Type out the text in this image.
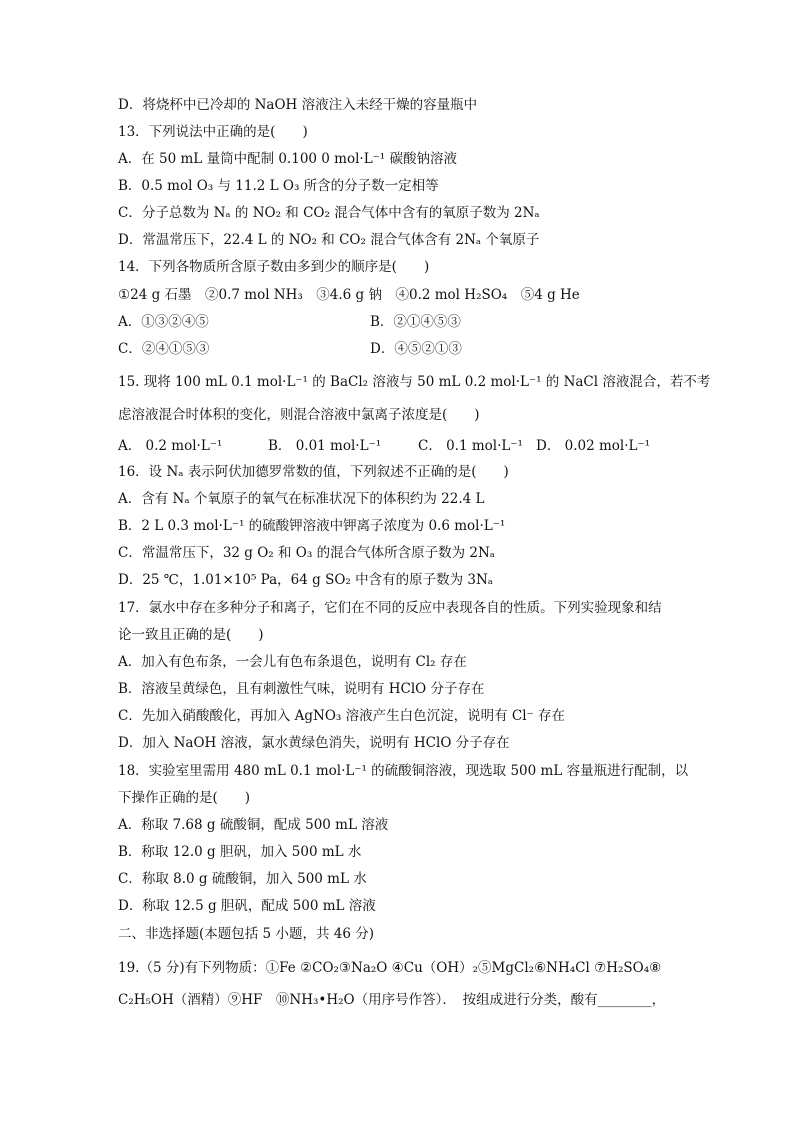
D．将烧杯中已冷却的 NaOH 溶液注入未经干燥的容量瓶中
13．下列说法中正确的是(　　)
A．在 50 mL 量筒中配制 0.100 0 mol·L⁻¹ 碳酸钠溶液
B．0.5 mol O₃ 与 11.2 L O₃ 所含的分子数一定相等
C．分子总数为 Nₐ 的 NO₂ 和 CO₂ 混合气体中含有的氧原子数为 2Nₐ
D．常温常压下，22.4 L 的 NO₂ 和 CO₂ 混合气体含有 2Nₐ 个氧原子
14．下列各物质所含原子数由多到少的顺序是(　　)
①24 g 石墨　②0.7 mol NH₃　③4.6 g 钠　④0.2 mol H₂SO₄　⑤4 g He
A．①③②④⑤	B．②①④⑤③
C．②④①⑤③	D．④⑤②①③
15. 现将 100 mL 0.1 mol·L⁻¹ 的 BaCl₂ 溶液与 50 mL 0.2 mol·L⁻¹ 的 NaCl 溶液混合，若不考
虑溶液混合时体积的变化，则混合溶液中氯离子浓度是(　　)
A． 0.2 mol·L⁻¹	B． 0.01 mol·L⁻¹	C． 0.1 mol·L⁻¹ D． 0.02 mol·L⁻¹
16．设 Nₐ 表示阿伏加德罗常数的值，下列叙述不正确的是(　　)
A．含有 Nₐ 个氧原子的氧气在标准状况下的体积约为 22.4 L
B．2 L 0.3 mol·L⁻¹ 的硫酸钾溶液中钾离子浓度为 0.6 mol·L⁻¹
C．常温常压下，32 g O₂ 和 O₃ 的混合气体所含原子数为 2Nₐ
D．25 ℃，1.01×10⁵ Pa，64 g SO₂ 中含有的原子数为 3Nₐ
17．氯水中存在多种分子和离子，它们在不同的反应中表现各自的性质。下列实验现象和结
论一致且正确的是(　　)
A．加入有色布条，一会儿有色布条退色，说明有 Cl₂ 存在
B．溶液呈黄绿色，且有刺激性气味，说明有 HClO 分子存在
C．先加入硝酸酸化，再加入 AgNO₃ 溶液产生白色沉淀，说明有 Cl⁻ 存在
D．加入 NaOH 溶液，氯水黄绿色消失，说明有 HClO 分子存在
18．实验室里需用 480 mL 0.1 mol·L⁻¹ 的硫酸铜溶液，现选取 500 mL 容量瓶进行配制，以
下操作正确的是(　　)
A．称取 7.68 g 硫酸铜，配成 500 mL 溶液
B．称取 12.0 g 胆矾，加入 500 mL 水
C．称取 8.0 g 硫酸铜，加入 500 mL 水
D．称取 12.5 g 胆矾，配成 500 mL 溶液
二、非选择题(本题包括 5 小题，共 46 分)
19.（5 分)有下列物质：①Fe ②CO₂③Na₂O ④Cu（OH）₂⑤MgCl₂⑥NH₄Cl ⑦H₂SO₄⑧
C₂H₅OH（酒精）⑨HF　⑩NH₃•H₂O（用序号作答）．　按组成进行分类，酸有________，
